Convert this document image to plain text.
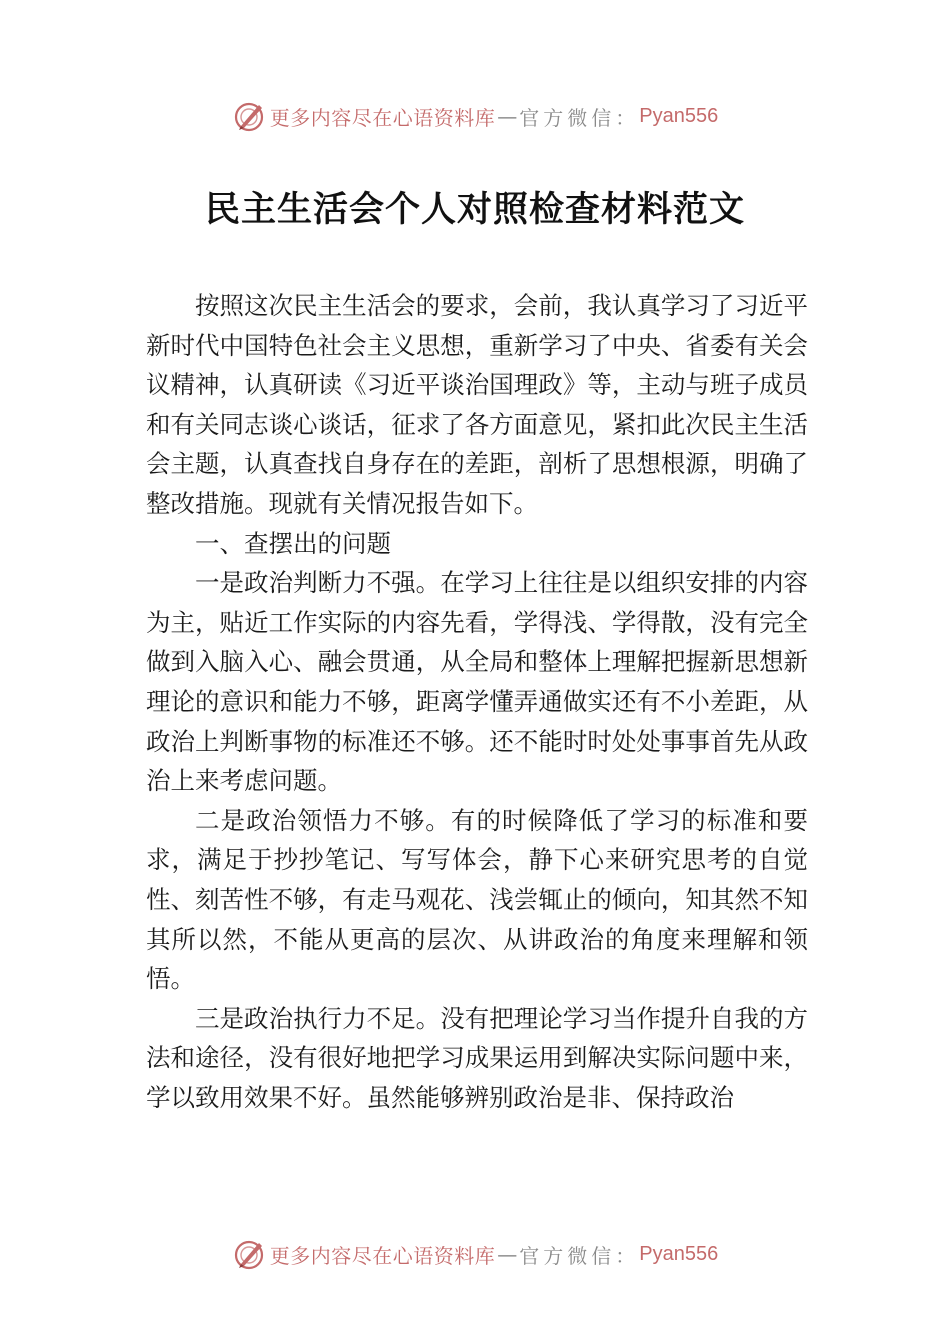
更多内容尽在心语资料库 — 官方微信： Pyan556
民主生活会个人对照检查材料范文

按照这次民主生活会的要求，会前，我认真学习了习近平新时代中国特色社会主义思想，重新学习了中央、省委有关会议精神，认真研读《习近平谈治国理政》等，主动与班子成员和有关同志谈心谈话，征求了各方面意见，紧扣此次民主生活会主题，认真查找自身存在的差距，剖析了思想根源，明确了整改措施。现就有关情况报告如下。

一、查摆出的问题

一是政治判断力不强。在学习上往往是以组织安排的内容为主，贴近工作实际的内容先看，学得浅、学得散，没有完全做到入脑入心、融会贯通，从全局和整体上理解把握新思想新理论的意识和能力不够，距离学懂弄通做实还有不小差距，从政治上判断事物的标准还不够。还不能时时处处事事首先从政治上来考虑问题。

二是政治领悟力不够。有的时候降低了学习的标准和要求，满足于抄抄笔记、写写体会，静下心来研究思考的自觉性、刻苦性不够，有走马观花、浅尝辄止的倾向，知其然不知其所以然，不能从更高的层次、从讲政治的角度来理解和领悟。

三是政治执行力不足。没有把理论学习当作提升自我的方法和途径，没有很好地把学习成果运用到解决实际问题中来，学以致用效果不好。虽然能够辨别政治是非、保持政治

更多内容尽在心语资料库 — 官方微信： Pyan556
